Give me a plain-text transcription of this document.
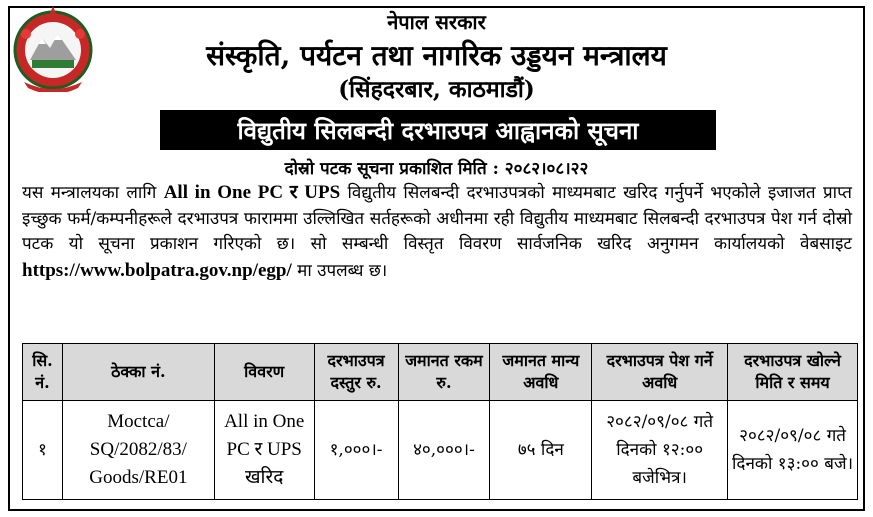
नेपाल सरकार
संस्कृति, पर्यटन तथा नागरिक उड्डयन मन्त्रालय
(सिंहदरबार, काठमाडौं)
विद्युतीय सिलबन्दी दरभाउपत्र आह्वानको सूचना
दोस्रो पटक सूचना प्रकाशित मिति : २०८२।०८।२२
यस मन्त्रालयका लागि All in One PC र UPS विद्युतीय सिलबन्दी दरभाउपत्रको माध्यमबाट खरिद गर्नुपर्ने भएकोले इजाजत प्राप्त इच्छुक फर्म/कम्पनीहरूले दरभाउपत्र फाराममा उल्लिखित सर्तहरूको अधीनमा रही विद्युतीय माध्यमबाट सिलबन्दी दरभाउपत्र पेश गर्न दोस्रो पटक यो सूचना प्रकाशन गरिएको छ। सो सम्बन्धी विस्तृत विवरण सार्वजनिक खरिद अनुगमन कार्यालयको वेबसाइट https://www.bolpatra.gov.np/egp/ मा उपलब्ध छ।
सि. नं.	ठेक्का नं.	विवरण	दरभाउपत्र दस्तुर रु.	जमानत रकम रु.	जमानत मान्य अवधि	दरभाउपत्र पेश गर्ने अवधि	दरभाउपत्र खोल्ने मिति र समय
१	Moctca/ SQ/2082/83/ Goods/RE01	All in One PC र UPS खरिद	१,०००।-	४०,०००।-	७५ दिन	२०८२/०९/०८ गते दिनको १२:०० बजेभित्र।	२०८२/०९/०८ गते दिनको १३:०० बजे।
